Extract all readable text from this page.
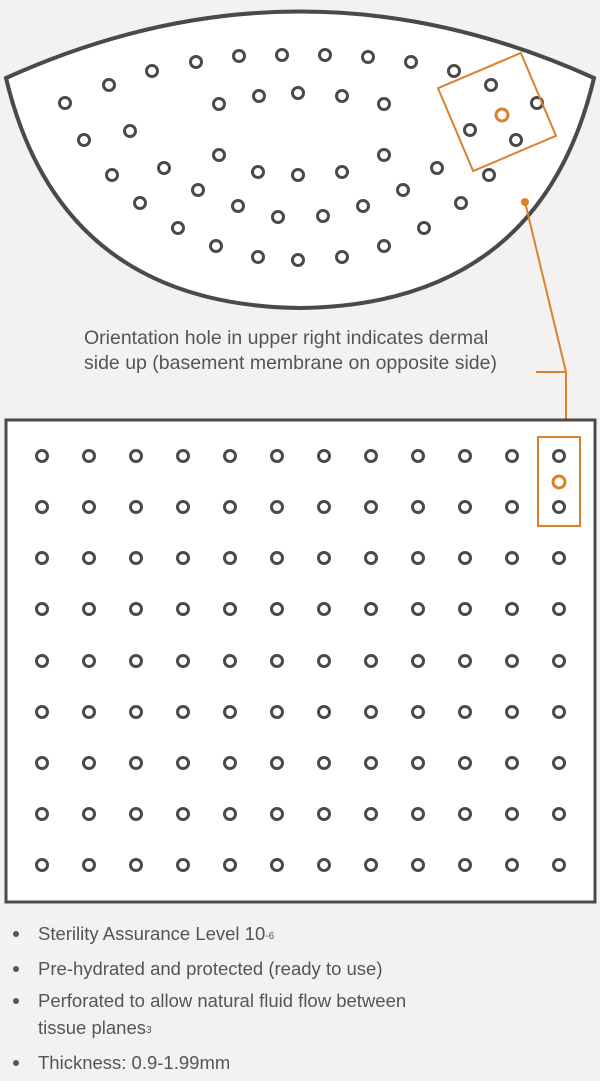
Orientation hole in upper right indicates dermal
side up (basement membrane on opposite side)

Sterility Assurance Level 10-6
Pre-hydrated and protected (ready to use)
Perforated to allow natural fluid flow between
tissue planes3
Thickness: 0.9-1.99mm
